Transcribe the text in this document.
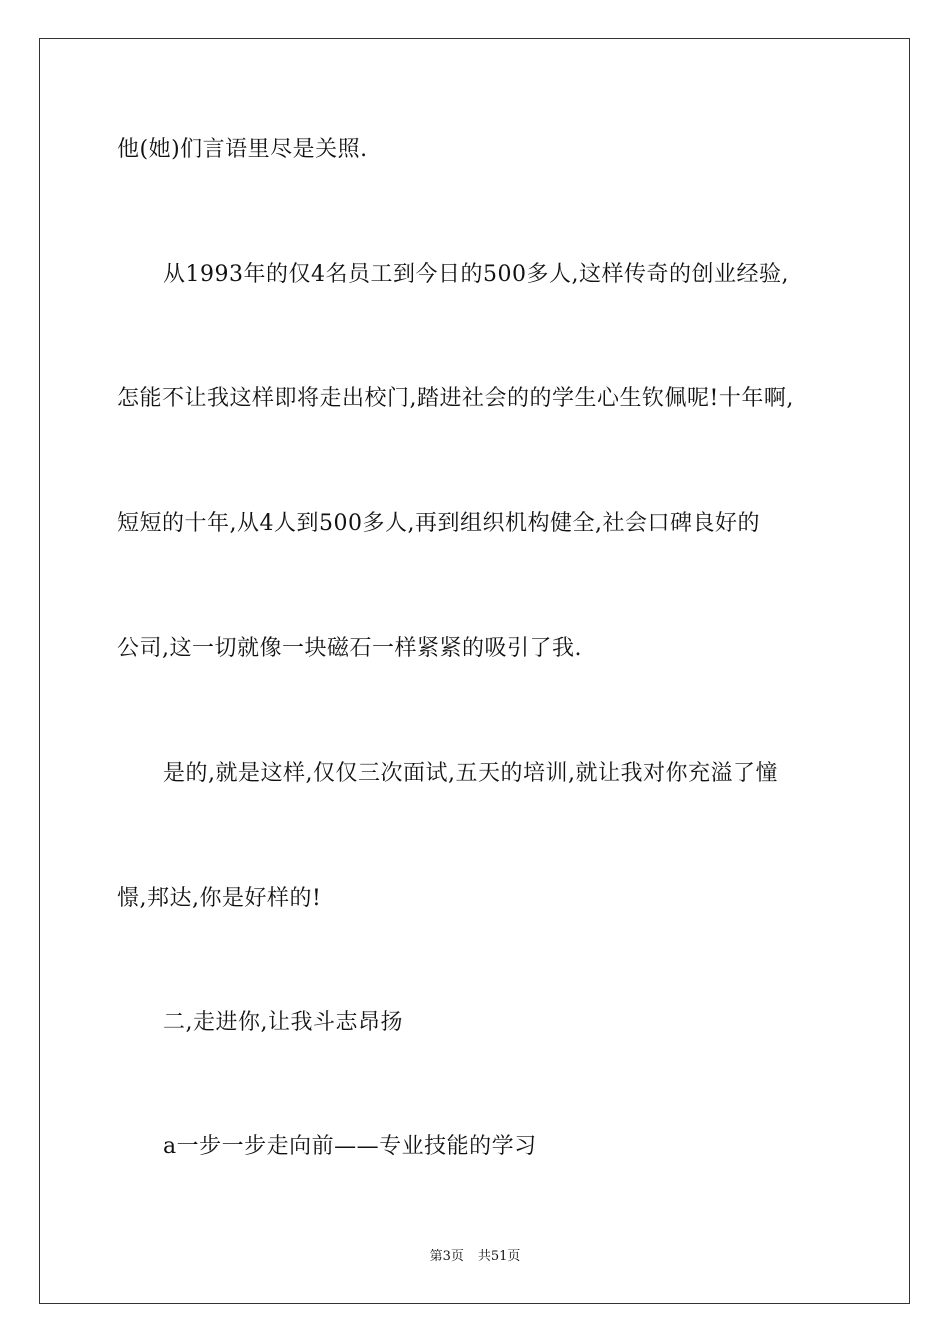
他(她)们言语里尽是关照.
从1993年的仅4名员工到今日的500多人,这样传奇的创业经验,
怎能不让我这样即将走出校门,踏进社会的的学生心生钦佩呢!十年啊,
短短的十年,从4人到500多人,再到组织机构健全,社会口碑良好的
公司,这一切就像一块磁石一样紧紧的吸引了我.
是的,就是这样,仅仅三次面试,五天的培训,就让我对你充溢了憧
憬,邦达,你是好样的!
二,走进你,让我斗志昂扬
a一步一步走向前——专业技能的学习
第3页 共51页
